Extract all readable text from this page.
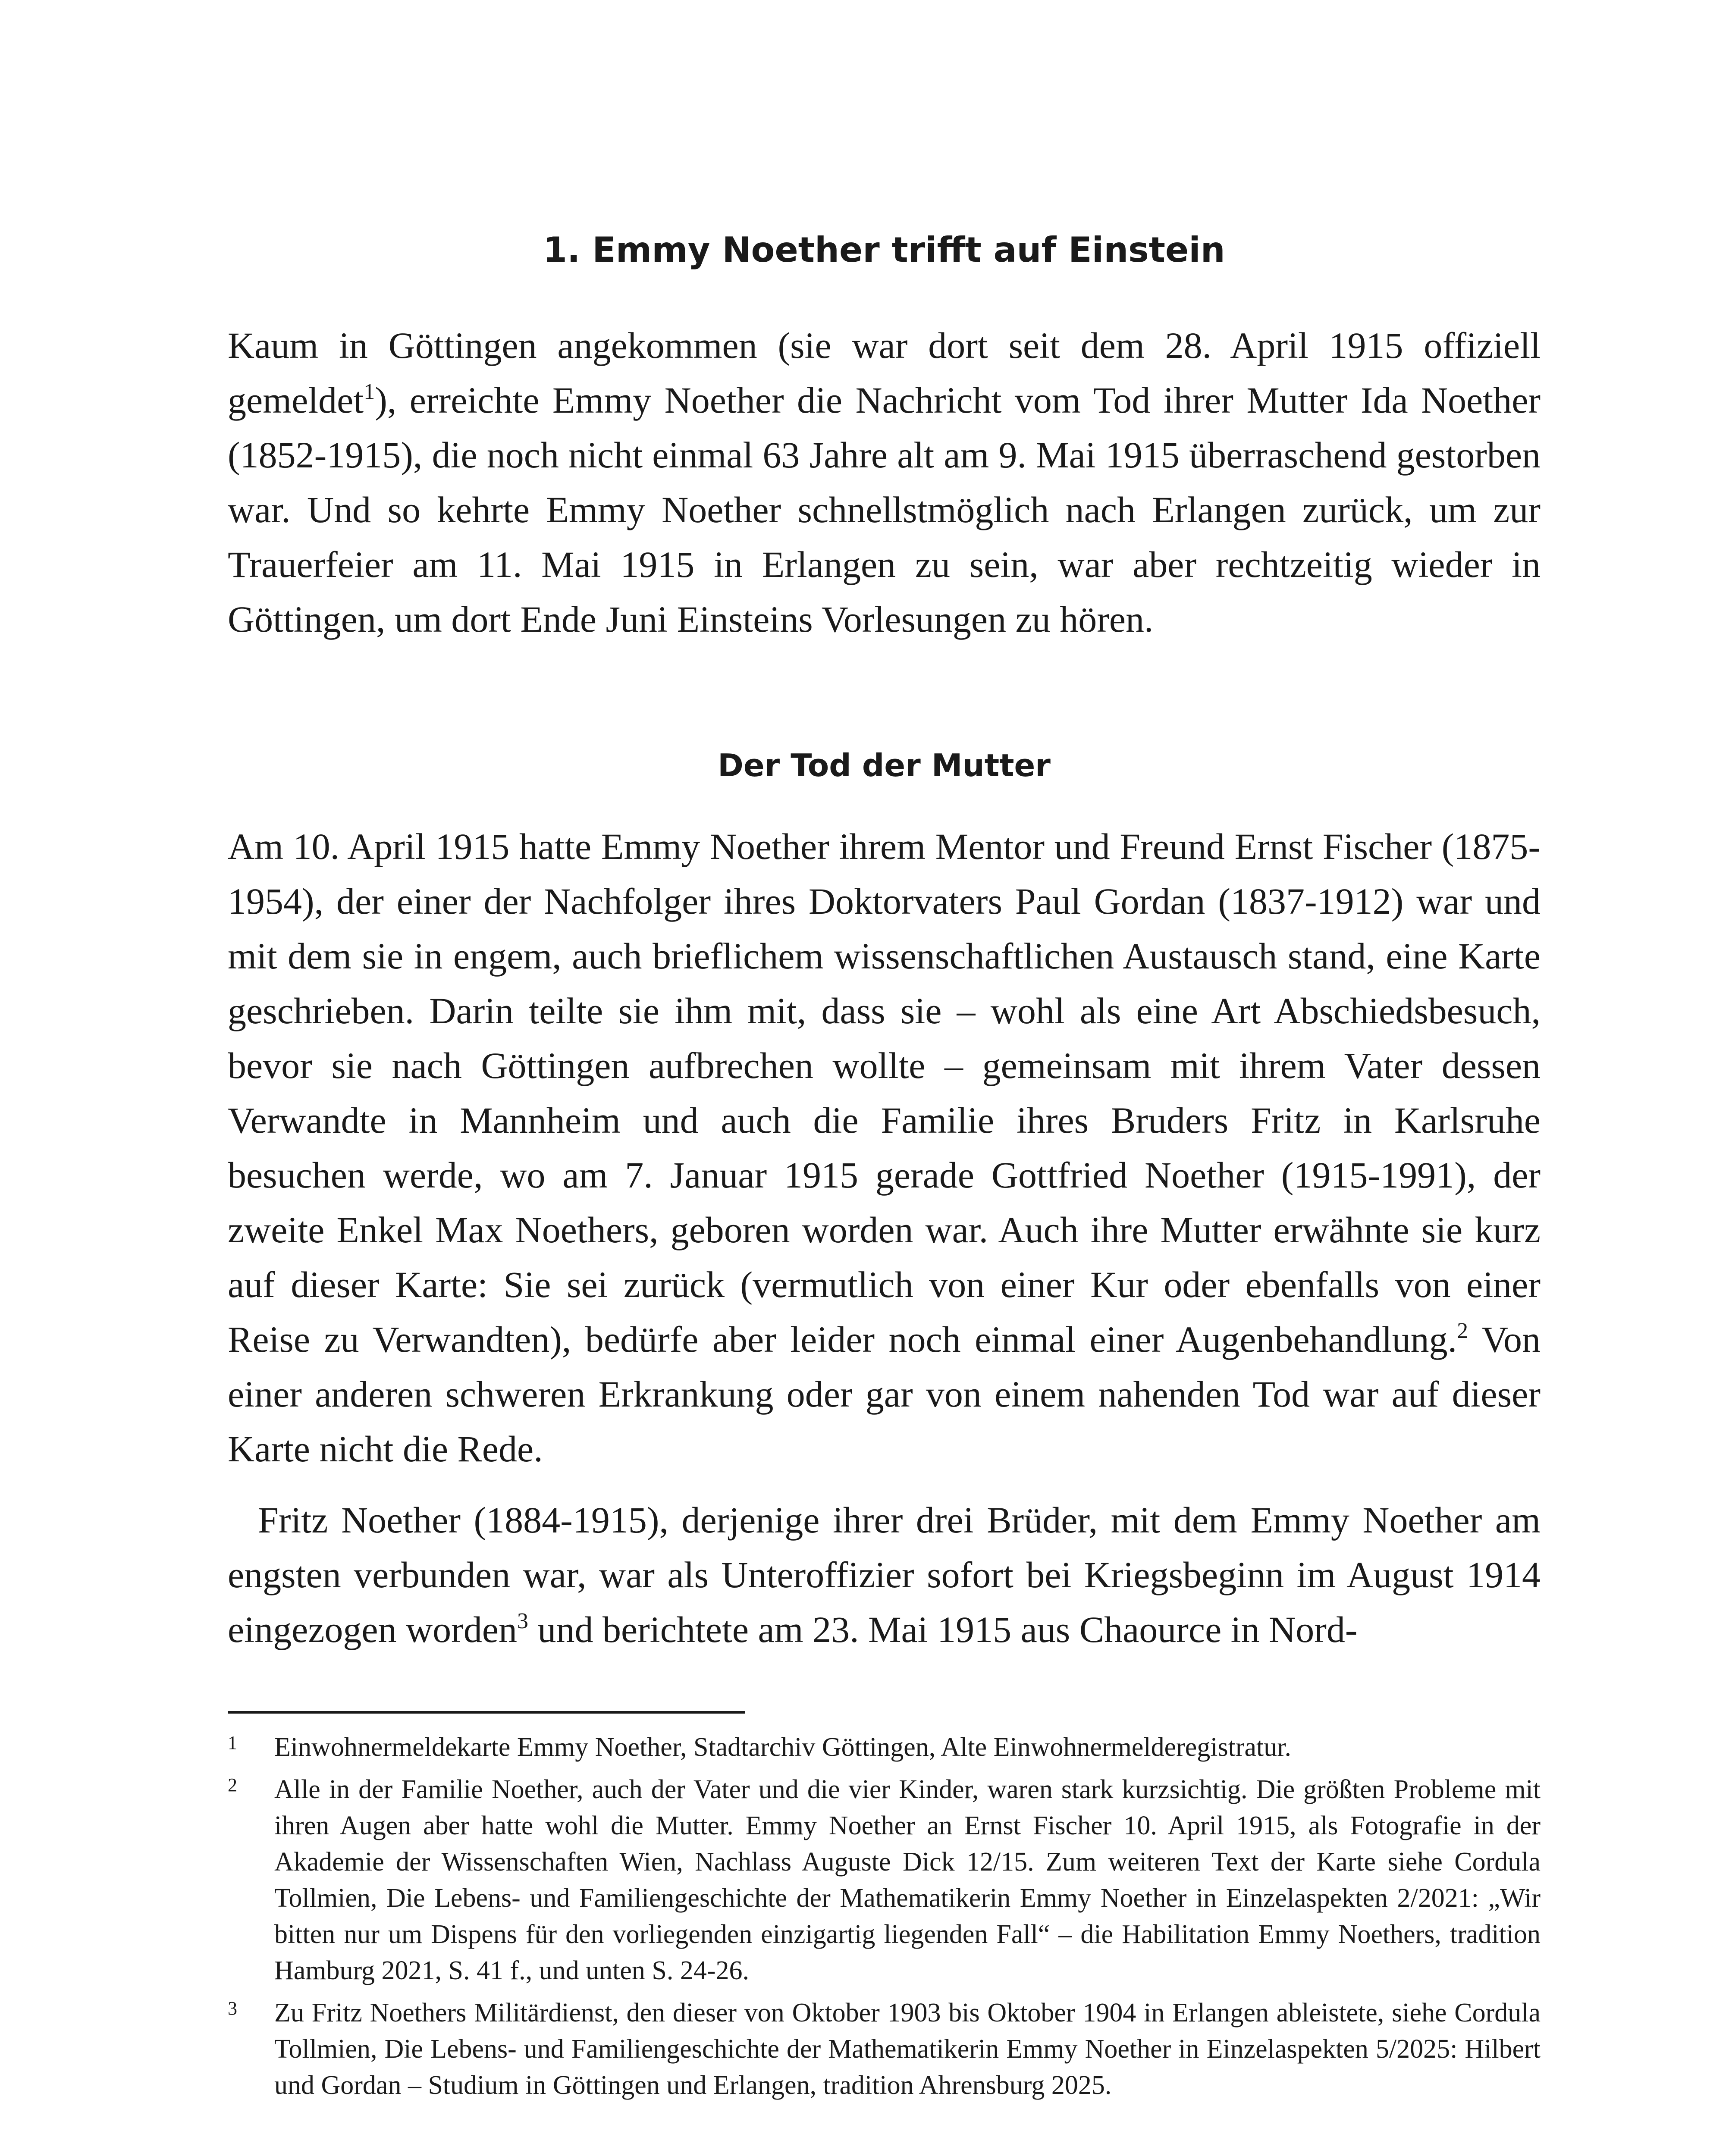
1. Emmy Noether trifft auf Einstein

Kaum in Göttingen angekommen (sie war dort seit dem 28. April 1915 offiziell gemeldet$^1$), erreichte Emmy Noether die Nachricht vom Tod ihrer Mutter Ida Noether (1852-1915), die noch nicht einmal 63 Jahre alt am 9. Mai 1915 überraschend gestorben war. Und so kehrte Emmy Noether schnellstmöglich nach Erlangen zurück, um zur Trauerfeier am 11. Mai 1915 in Erlangen zu sein, war aber rechtzeitig wieder in Göttingen, um dort Ende Juni Einsteins Vorlesungen zu hören.

Der Tod der Mutter

Am 10. April 1915 hatte Emmy Noether ihrem Mentor und Freund Ernst Fischer (1875-1954), der einer der Nachfolger ihres Doktorvaters Paul Gordan (1837-1912) war und mit dem sie in engem, auch brieflichem wissenschaftlichen Austausch stand, eine Karte geschrieben. Darin teilte sie ihm mit, dass sie – wohl als eine Art Abschiedsbesuch, bevor sie nach Göttingen aufbrechen wollte – gemeinsam mit ihrem Vater dessen Verwandte in Mannheim und auch die Familie ihres Bruders Fritz in Karlsruhe besuchen werde, wo am 7. Januar 1915 gerade Gottfried Noether (1915-1991), der zweite Enkel Max Noethers, geboren worden war. Auch ihre Mutter erwähnte sie kurz auf dieser Karte: Sie sei zurück (vermutlich von einer Kur oder ebenfalls von einer Reise zu Verwandten), bedürfe aber leider noch einmal einer Augenbehandlung.$^2$ Von einer anderen schweren Erkrankung oder gar von einem nahenden Tod war auf dieser Karte nicht die Rede.

Fritz Noether (1884-1915), derjenige ihrer drei Brüder, mit dem Emmy Noether am engsten verbunden war, war als Unteroffizier sofort bei Kriegsbeginn im August 1914 eingezogen worden$^3$ und berichtete am 23. Mai 1915 aus Chaource in Nord-

1 Einwohnermeldekarte Emmy Noether, Stadtarchiv Göttingen, Alte Einwohnermelderegistratur.

2 Alle in der Familie Noether, auch der Vater und die vier Kinder, waren stark kurzsichtig. Die größten Probleme mit ihren Augen aber hatte wohl die Mutter. Emmy Noether an Ernst Fischer 10. April 1915, als Fotografie in der Akademie der Wissenschaften Wien, Nachlass Auguste Dick 12/15. Zum weiteren Text der Karte siehe Cordula Tollmien, Die Lebens- und Familiengeschichte der Mathematikerin Emmy Noether in Einzelaspekten 2/2021: „Wir bitten nur um Dispens für den vorliegenden einzigartig liegenden Fall“ – die Habilitation Emmy Noethers, tradition Hamburg 2021, S. 41 f., und unten S. 24-26.

3 Zu Fritz Noethers Militärdienst, den dieser von Oktober 1903 bis Oktober 1904 in Erlangen ableistete, siehe Cordula Tollmien, Die Lebens- und Familiengeschichte der Mathematikerin Emmy Noether in Einzelaspekten 5/2025: Hilbert und Gordan – Studium in Göttingen und Erlangen, tradition Ahrensburg 2025.
